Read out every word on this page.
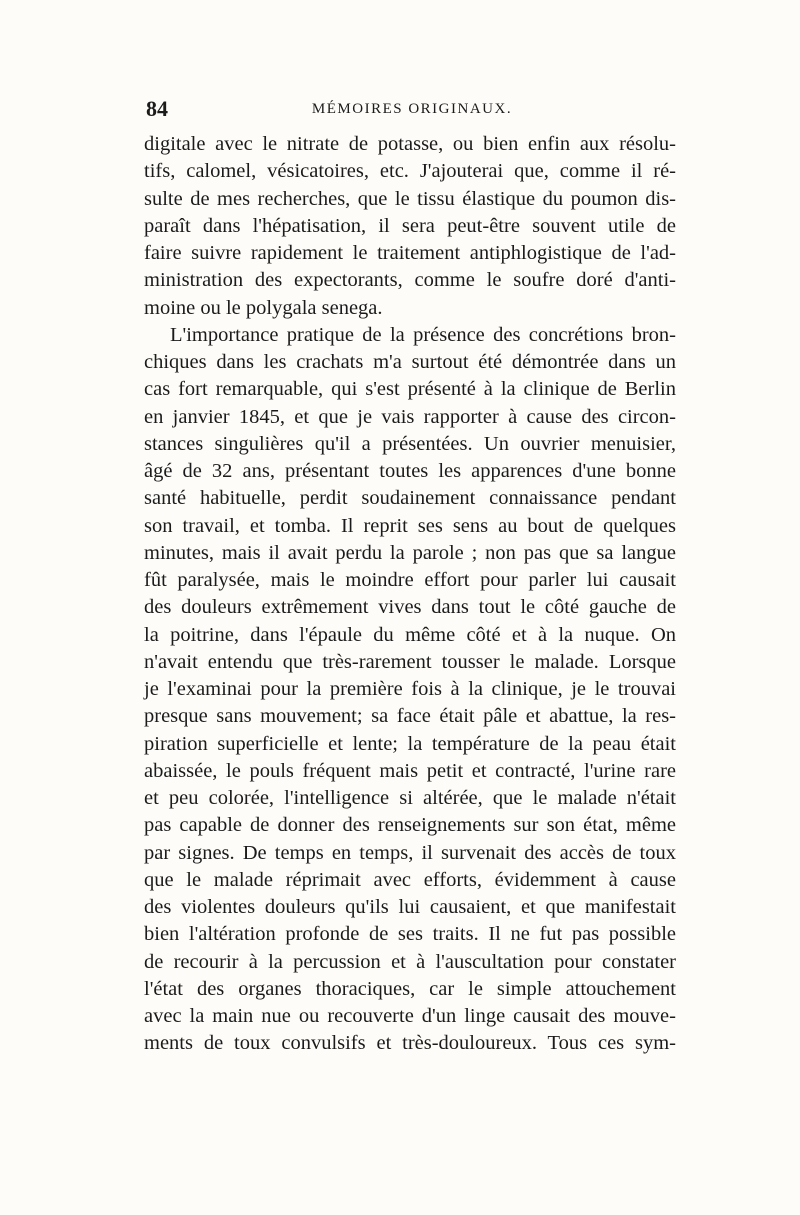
84	MÉMOIRES ORIGINAUX.
digitale avec le nitrate de potasse, ou bien enfin aux résolu-
tifs, calomel, vésicatoires, etc. J'ajouterai que, comme il ré-
sulte de mes recherches, que le tissu élastique du poumon dis-
paraît dans l'hépatisation, il sera peut-être souvent utile de
faire suivre rapidement le traitement antiphlogistique de l'ad-
ministration des expectorants, comme le soufre doré d'anti-
moine ou le polygala senega.
L'importance pratique de la présence des concrétions bron-
chiques dans les crachats m'a surtout été démontrée dans un
cas fort remarquable, qui s'est présenté à la clinique de Berlin
en janvier 1845, et que je vais rapporter à cause des circon-
stances singulières qu'il a présentées. Un ouvrier menuisier,
âgé de 32 ans, présentant toutes les apparences d'une bonne
santé habituelle, perdit soudainement connaissance pendant
son travail, et tomba. Il reprit ses sens au bout de quelques
minutes, mais il avait perdu la parole ; non pas que sa langue
fût paralysée, mais le moindre effort pour parler lui causait
des douleurs extrêmement vives dans tout le côté gauche de
la poitrine, dans l'épaule du même côté et à la nuque. On
n'avait entendu que très-rarement tousser le malade. Lorsque
je l'examinai pour la première fois à la clinique, je le trouvai
presque sans mouvement; sa face était pâle et abattue, la res-
piration superficielle et lente; la température de la peau était
abaissée, le pouls fréquent mais petit et contracté, l'urine rare
et peu colorée, l'intelligence si altérée, que le malade n'était
pas capable de donner des renseignements sur son état, même
par signes. De temps en temps, il survenait des accès de toux
que le malade réprimait avec efforts, évidemment à cause
des violentes douleurs qu'ils lui causaient, et que manifestait
bien l'altération profonde de ses traits. Il ne fut pas possible
de recourir à la percussion et à l'auscultation pour constater
l'état des organes thoraciques, car le simple attouchement
avec la main nue ou recouverte d'un linge causait des mouve-
ments de toux convulsifs et très-douloureux. Tous ces sym-
